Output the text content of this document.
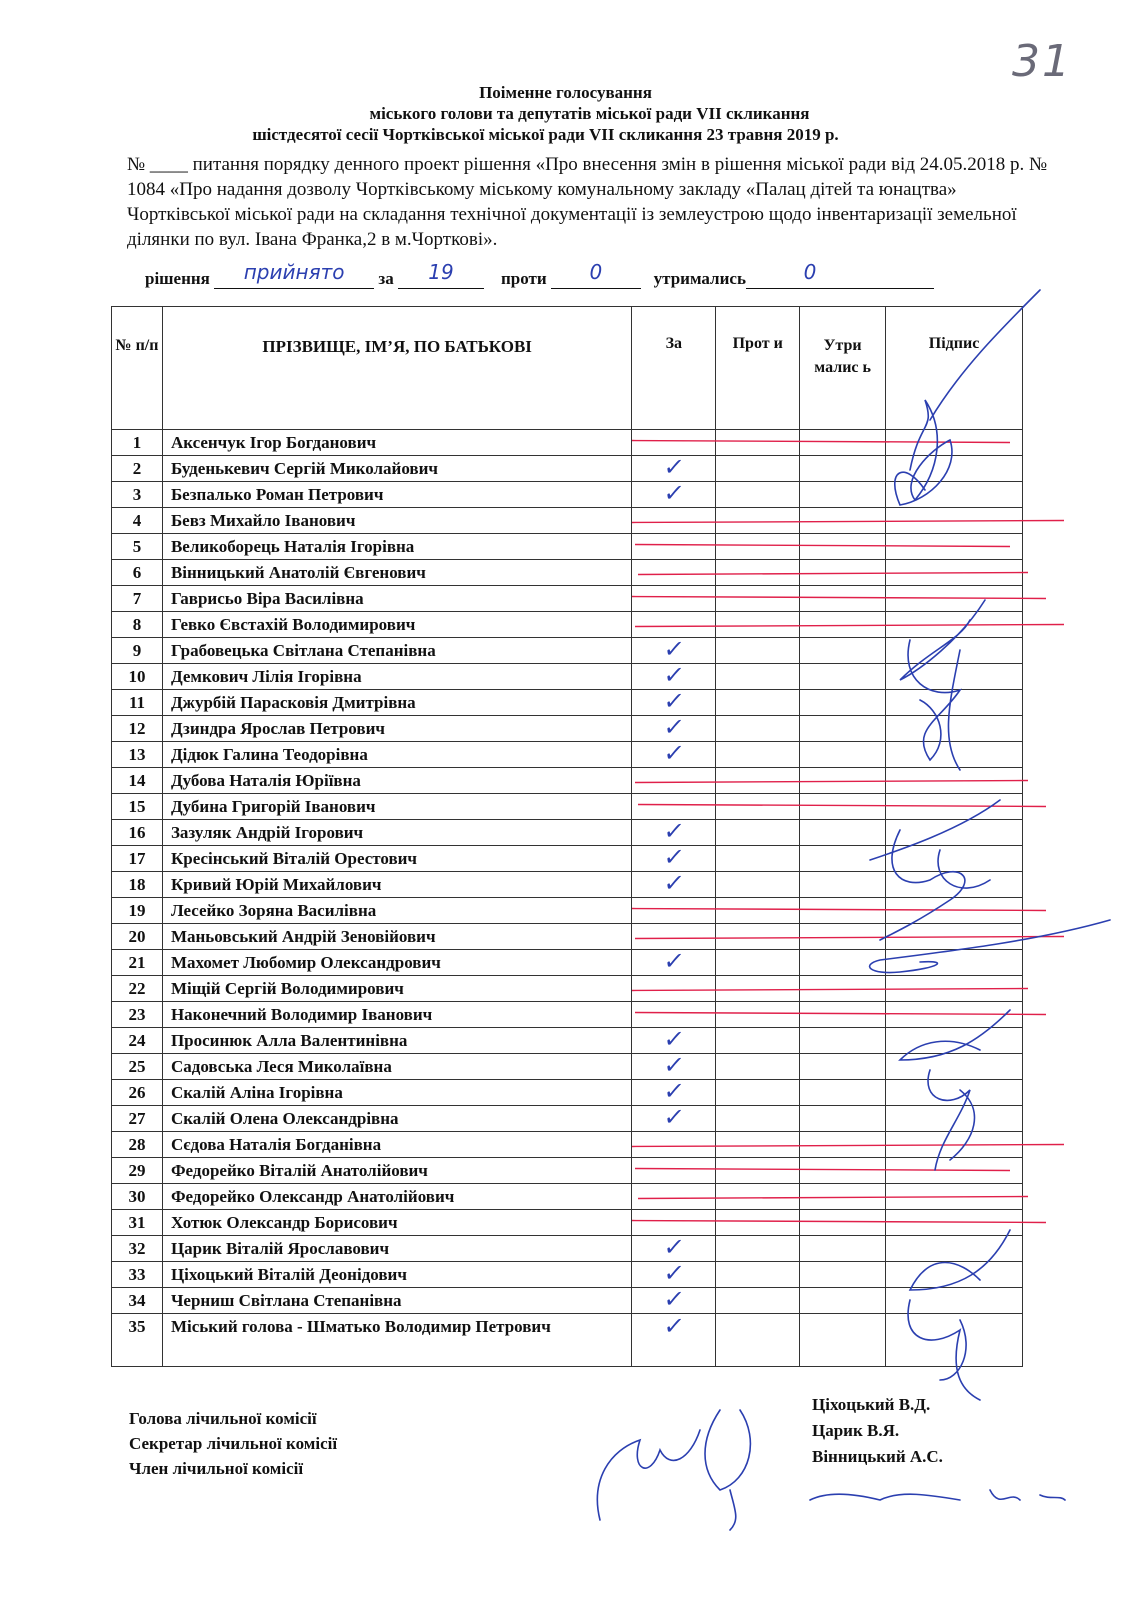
31
Поіменне голосування
міського голови та депутатів міської ради VІІ скликання
шістдесятої сесії Чортківської міської ради VІІ скликання 23 травня 2019 р.
№ ____ питання порядку денного проект рішення «Про внесення змін в рішення міської ради від 24.05.2018 р. № 1084 «Про надання дозволу Чортківському міському комунальному закладу «Палац дітей та юнацтва» Чортківської міської ради на складання технічної документації із землеустрою щодо інвентаризації земельної ділянки по вул. Івана Франка,2 в м.Чорткові».
рішення прийнято за 19	проти 0	утримались	0
№ п/п	ПРІЗВИЩЕ, ІМ’Я, ПО БАТЬКОВІ	За	Прот и	Утри малис ь	Підпис
1	Аксенчук Ігор Богданович				
2	Буденькевич Сергій Миколайович	✓			
3	Безпалько Роман Петрович	✓			
4	Бевз Михайло Іванович				
5	Великоборець Наталія Ігорівна				
6	Вінницький Анатолій Євгенович				
7	Гаврисьо Віра Василівна				
8	Гевко Євстахій Володимирович				
9	Грабовецька Світлана Степанівна	✓			
10	Демкович Лілія Ігорівна	✓			
11	Джурбій Парасковія Дмитрівна	✓			
12	Дзиндра Ярослав Петрович	✓			
13	Дідюк Галина Теодорівна	✓			
14	Дубова Наталія Юріївна				
15	Дубина Григорій Іванович				
16	Зазуляк Андрій Ігорович	✓			
17	Кресінський Віталій Орестович	✓			
18	Кривий Юрій Михайлович	✓			
19	Лесейко Зоряна Василівна				
20	Маньовський Андрій Зеновійович				
21	Махомет Любомир Олександрович	✓			
22	Міщій Сергій Володимирович				
23	Наконечний Володимир Іванович				
24	Просинюк Алла Валентинівна	✓			
25	Садовська Леся Миколаївна	✓			
26	Скалій Аліна Ігорівна	✓			
27	Скалій Олена Олександрівна	✓			
28	Сєдова Наталія Богданівна				
29	Федорейко Віталій Анатолійович				
30	Федорейко Олександр Анатолійович				
31	Хотюк Олександр Борисович				
32	Царик Віталій Ярославович	✓			
33	Ціхоцький Віталій Деонідович	✓			
34	Черниш Світлана Степанівна	✓			
35	Міський голова - Шматько Володимир Петрович	✓			
Голова лічильної комісії
Секретар лічильної комісії
Член лічильної комісії
Ціхоцький В.Д.
Царик В.Я.
Вінницький А.С.
